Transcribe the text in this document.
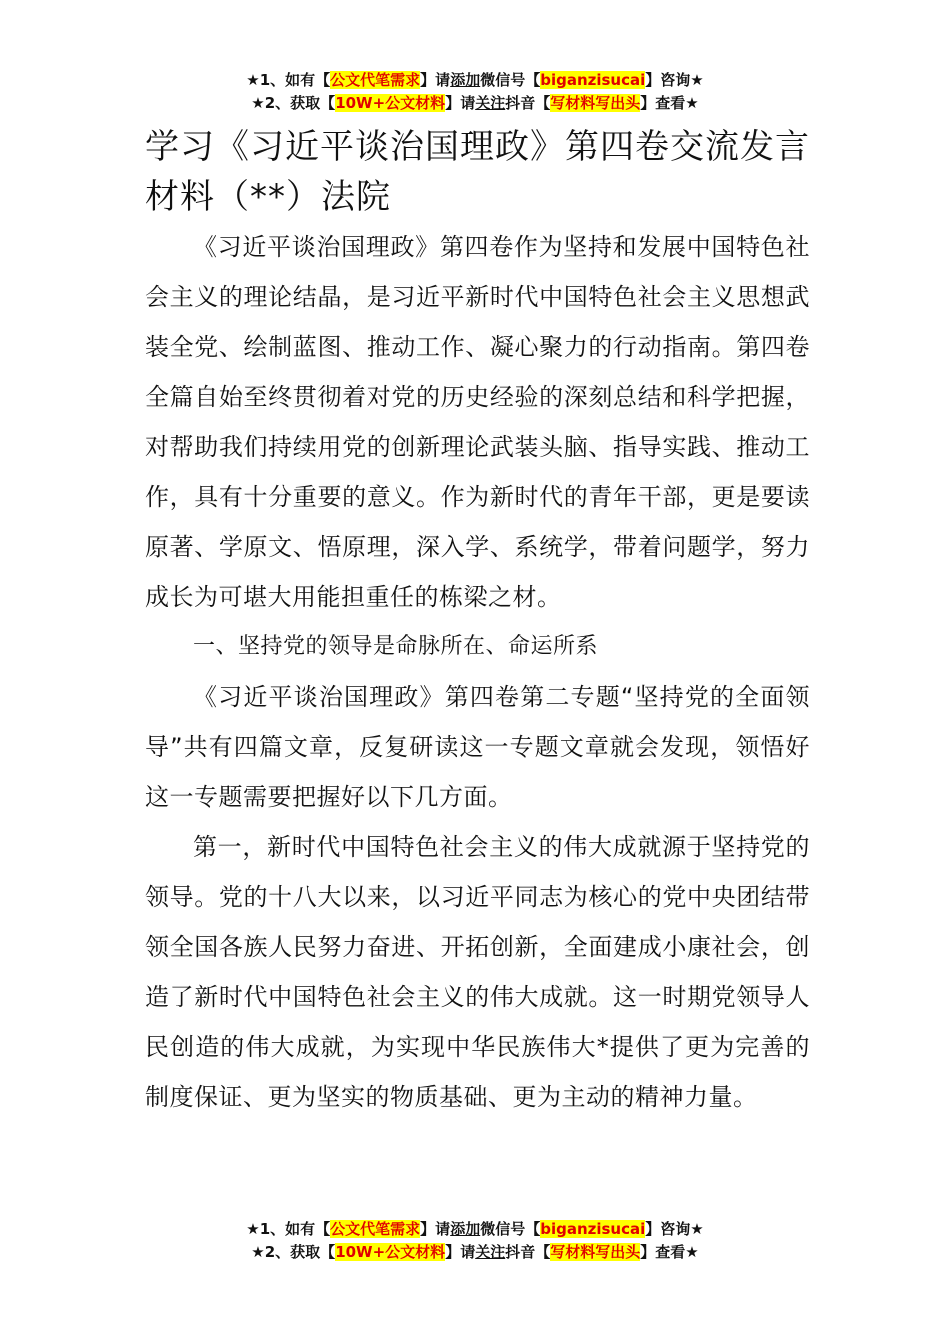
★1、如有【公文代笔需求】请添加微信号【biganzisucai】咨询★
★2、获取【10W+公文材料】请关注抖音【写材料写出头】查看★
学习《习近平谈治国理政》第四卷交流发言材料（**）法院

《习近平谈治国理政》第四卷作为坚持和发展中国特色社会主义的理论结晶，是习近平新时代中国特色社会主义思想武装全党、绘制蓝图、推动工作、凝心聚力的行动指南。第四卷全篇自始至终贯彻着对党的历史经验的深刻总结和科学把握，对帮助我们持续用党的创新理论武装头脑、指导实践、推动工作，具有十分重要的意义。作为新时代的青年干部，更是要读原著、学原文、悟原理，深入学、系统学，带着问题学，努力成长为可堪大用能担重任的栋梁之材。

一、坚持党的领导是命脉所在、命运所系

《习近平谈治国理政》第四卷第二专题“坚持党的全面领导”共有四篇文章，反复研读这一专题文章就会发现，领悟好这一专题需要把握好以下几方面。

第一，新时代中国特色社会主义的伟大成就源于坚持党的领导。党的十八大以来，以习近平同志为核心的党中央团结带领全国各族人民努力奋进、开拓创新，全面建成小康社会，创造了新时代中国特色社会主义的伟大成就。这一时期党领导人民创造的伟大成就，为实现中华民族伟大*提供了更为完善的制度保证、更为坚实的物质基础、更为主动的精神力量。

★1、如有【公文代笔需求】请添加微信号【biganzisucai】咨询★
★2、获取【10W+公文材料】请关注抖音【写材料写出头】查看★
